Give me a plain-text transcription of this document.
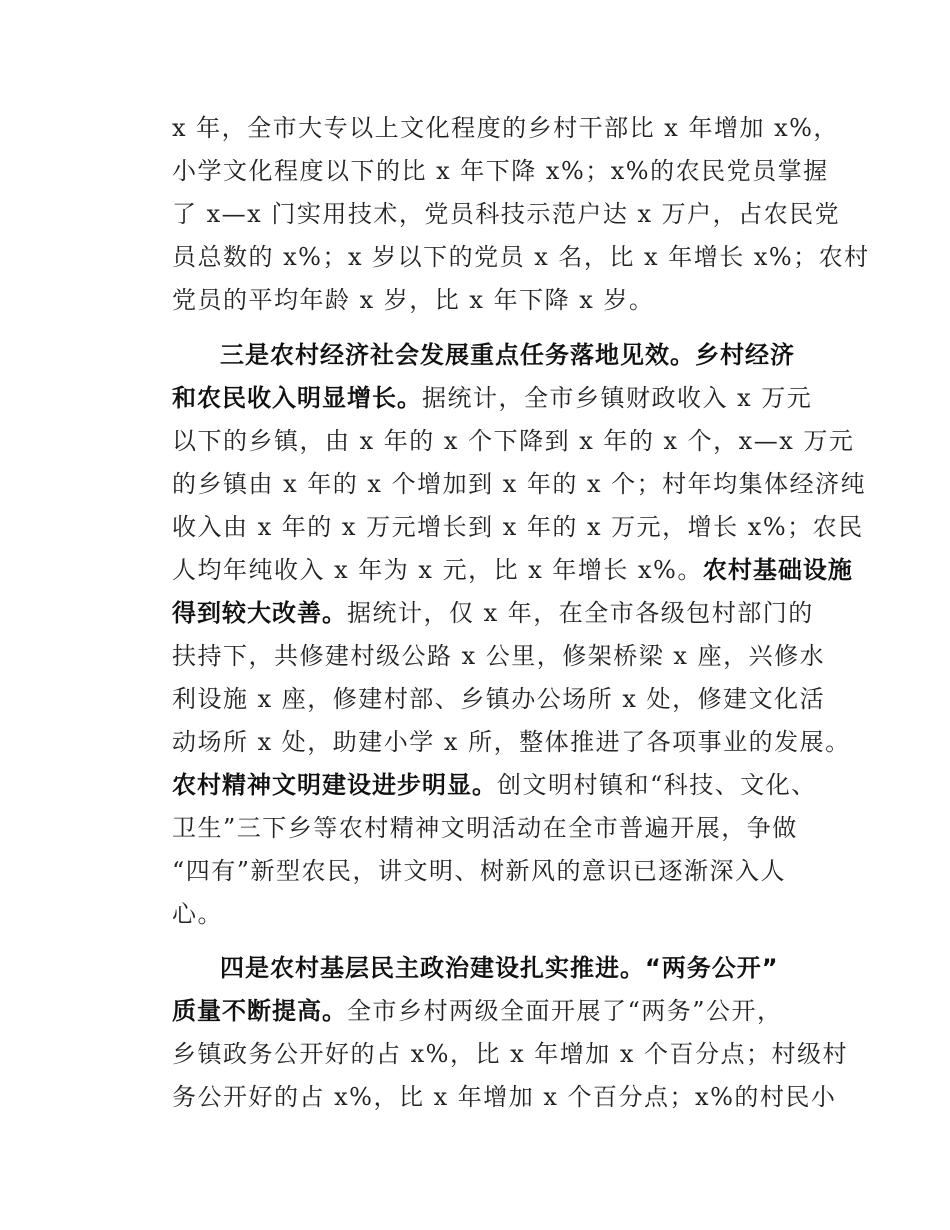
x 年，全市大专以上文化程度的乡村干部比 x 年增加 x%，
小学文化程度以下的比 x 年下降 x%；x%的农民党员掌握
了 x—x 门实用技术，党员科技示范户达 x 万户，占农民党
员总数的 x%；x 岁以下的党员 x 名，比 x 年增长 x%；农村
党员的平均年龄 x 岁，比 x 年下降 x 岁。
三是农村经济社会发展重点任务落地见效。乡村经济
和农民收入明显增长。据统计，全市乡镇财政收入 x 万元
以下的乡镇，由 x 年的 x 个下降到 x 年的 x 个，x—x 万元
的乡镇由 x 年的 x 个增加到 x 年的 x 个；村年均集体经济纯
收入由 x 年的 x 万元增长到 x 年的 x 万元，增长 x%；农民
人均年纯收入 x 年为 x 元，比 x 年增长 x%。农村基础设施
得到较大改善。据统计，仅 x 年，在全市各级包村部门的
扶持下，共修建村级公路 x 公里，修架桥梁 x 座，兴修水
利设施 x 座，修建村部、乡镇办公场所 x 处，修建文化活
动场所 x 处，助建小学 x 所，整体推进了各项事业的发展。
农村精神文明建设进步明显。创文明村镇和“科技、文化、
卫生”三下乡等农村精神文明活动在全市普遍开展，争做
“四有”新型农民，讲文明、树新风的意识已逐渐深入人
心。
四是农村基层民主政治建设扎实推进。“两务公开”
质量不断提高。全市乡村两级全面开展了“两务”公开，
乡镇政务公开好的占 x%，比 x 年增加 x 个百分点；村级村
务公开好的占 x%，比 x 年增加 x 个百分点；x%的村民小
